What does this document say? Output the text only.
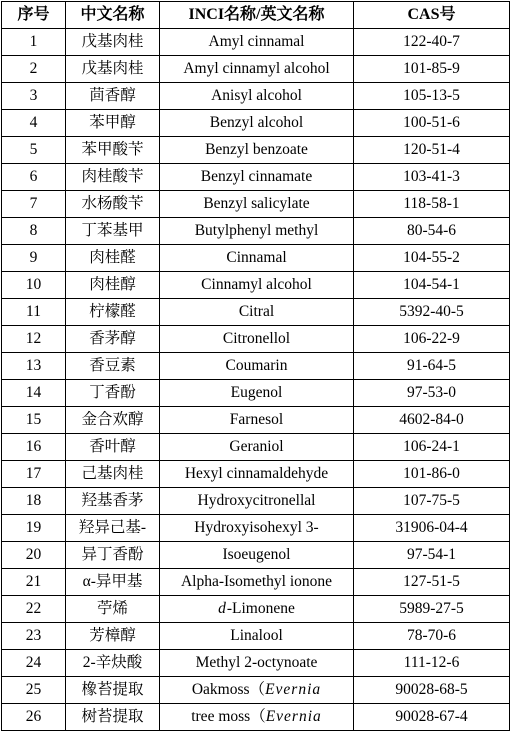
序号	中文名称	INCI名称/英文名称	CAS号
1	戊基肉桂	Amyl cinnamal	122-40-7
2	戊基肉桂	Amyl cinnamyl alcohol	101-85-9
3	茴香醇	Anisyl alcohol	105-13-5
4	苯甲醇	Benzyl alcohol	100-51-6
5	苯甲酸苄	Benzyl benzoate	120-51-4
6	肉桂酸苄	Benzyl cinnamate	103-41-3
7	水杨酸苄	Benzyl salicylate	118-58-1
8	丁苯基甲	Butylphenyl methyl	80-54-6
9	肉桂醛	Cinnamal	104-55-2
10	肉桂醇	Cinnamyl alcohol	104-54-1
11	柠檬醛	Citral	5392-40-5
12	香茅醇	Citronellol	106-22-9
13	香豆素	Coumarin	91-64-5
14	丁香酚	Eugenol	97-53-0
15	金合欢醇	Farnesol	4602-84-0
16	香叶醇	Geraniol	106-24-1
17	己基肉桂	Hexyl cinnamaldehyde	101-86-0
18	羟基香茅	Hydroxycitronellal	107-75-5
19	羟异己基-	Hydroxyisohexyl 3-	31906-04-4
20	异丁香酚	Isoeugenol	97-54-1
21	α-异甲基	Alpha-Isomethyl ionone	127-51-5
22	苧烯	d-Limonene	5989-27-5
23	芳樟醇	Linalool	78-70-6
24	2-辛炔酸	Methyl 2-octynoate	111-12-6
25	橡苔提取	Oakmoss（Evernia	90028-68-5
26	树苔提取	tree moss（Evernia	90028-67-4
